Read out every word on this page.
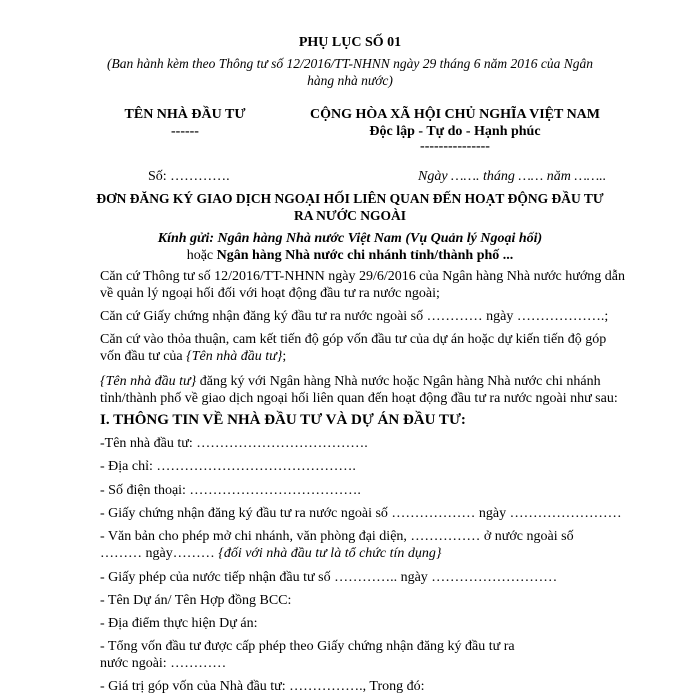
PHỤ LỤC SỐ 01
(Ban hành kèm theo Thông tư số 12/2016/TT-NHNN ngày 29 tháng 6 năm 2016 của Ngân
hàng nhà nước)
TÊN NHÀ ĐẦU TƯ
------
CỘNG HÒA XÃ HỘI CHỦ NGHĨA VIỆT NAM
Độc lập - Tự do - Hạnh phúc
---------------
Số: ………….	Ngày ……. tháng …… năm ……..
ĐƠN ĐĂNG KÝ GIAO DỊCH NGOẠI HỐI LIÊN QUAN ĐẾN HOẠT ĐỘNG ĐẦU TƯ
RA NƯỚC NGOÀI
Kính gửi: Ngân hàng Nhà nước Việt Nam (Vụ Quản lý Ngoại hối)
hoặc Ngân hàng Nhà nước chi nhánh tỉnh/thành phố ...
Căn cứ Thông tư số 12/2016/TT-NHNN ngày 29/6/2016 của Ngân hàng Nhà nước hướng dẫn về quản lý ngoại hối đối với hoạt động đầu tư ra nước ngoài;
Căn cứ Giấy chứng nhận đăng ký đầu tư ra nước ngoài số ………… ngày ……………….;
Căn cứ vào thỏa thuận, cam kết tiến độ góp vốn đầu tư của dự án hoặc dự kiến tiến độ góp vốn đầu tư của {Tên nhà đầu tư};
{Tên nhà đầu tư} đăng ký với Ngân hàng Nhà nước hoặc Ngân hàng Nhà nước chi nhánh tỉnh/thành phố về giao dịch ngoại hối liên quan đến hoạt động đầu tư ra nước ngoài như sau:
I. THÔNG TIN VỀ NHÀ ĐẦU TƯ VÀ DỰ ÁN ĐẦU TƯ:
-Tên nhà đầu tư: ……………………………….
- Địa chỉ: …………………………………….
- Số điện thoại: ……………………………….
- Giấy chứng nhận đăng ký đầu tư ra nước ngoài số ……………… ngày ……………………
- Văn bản cho phép mở chi nhánh, văn phòng đại diện, …………… ở nước ngoài số
……… ngày……… {đối với nhà đầu tư là tổ chức tín dụng}
- Giấy phép của nước tiếp nhận đầu tư số ………….. ngày ………………………
- Tên Dự án/ Tên Hợp đồng BCC:
- Địa điểm thực hiện Dự án:
- Tổng vốn đầu tư được cấp phép theo Giấy chứng nhận đăng ký đầu tư ra
nước ngoài: …………
- Giá trị góp vốn của Nhà đầu tư: ……………., Trong đó:
